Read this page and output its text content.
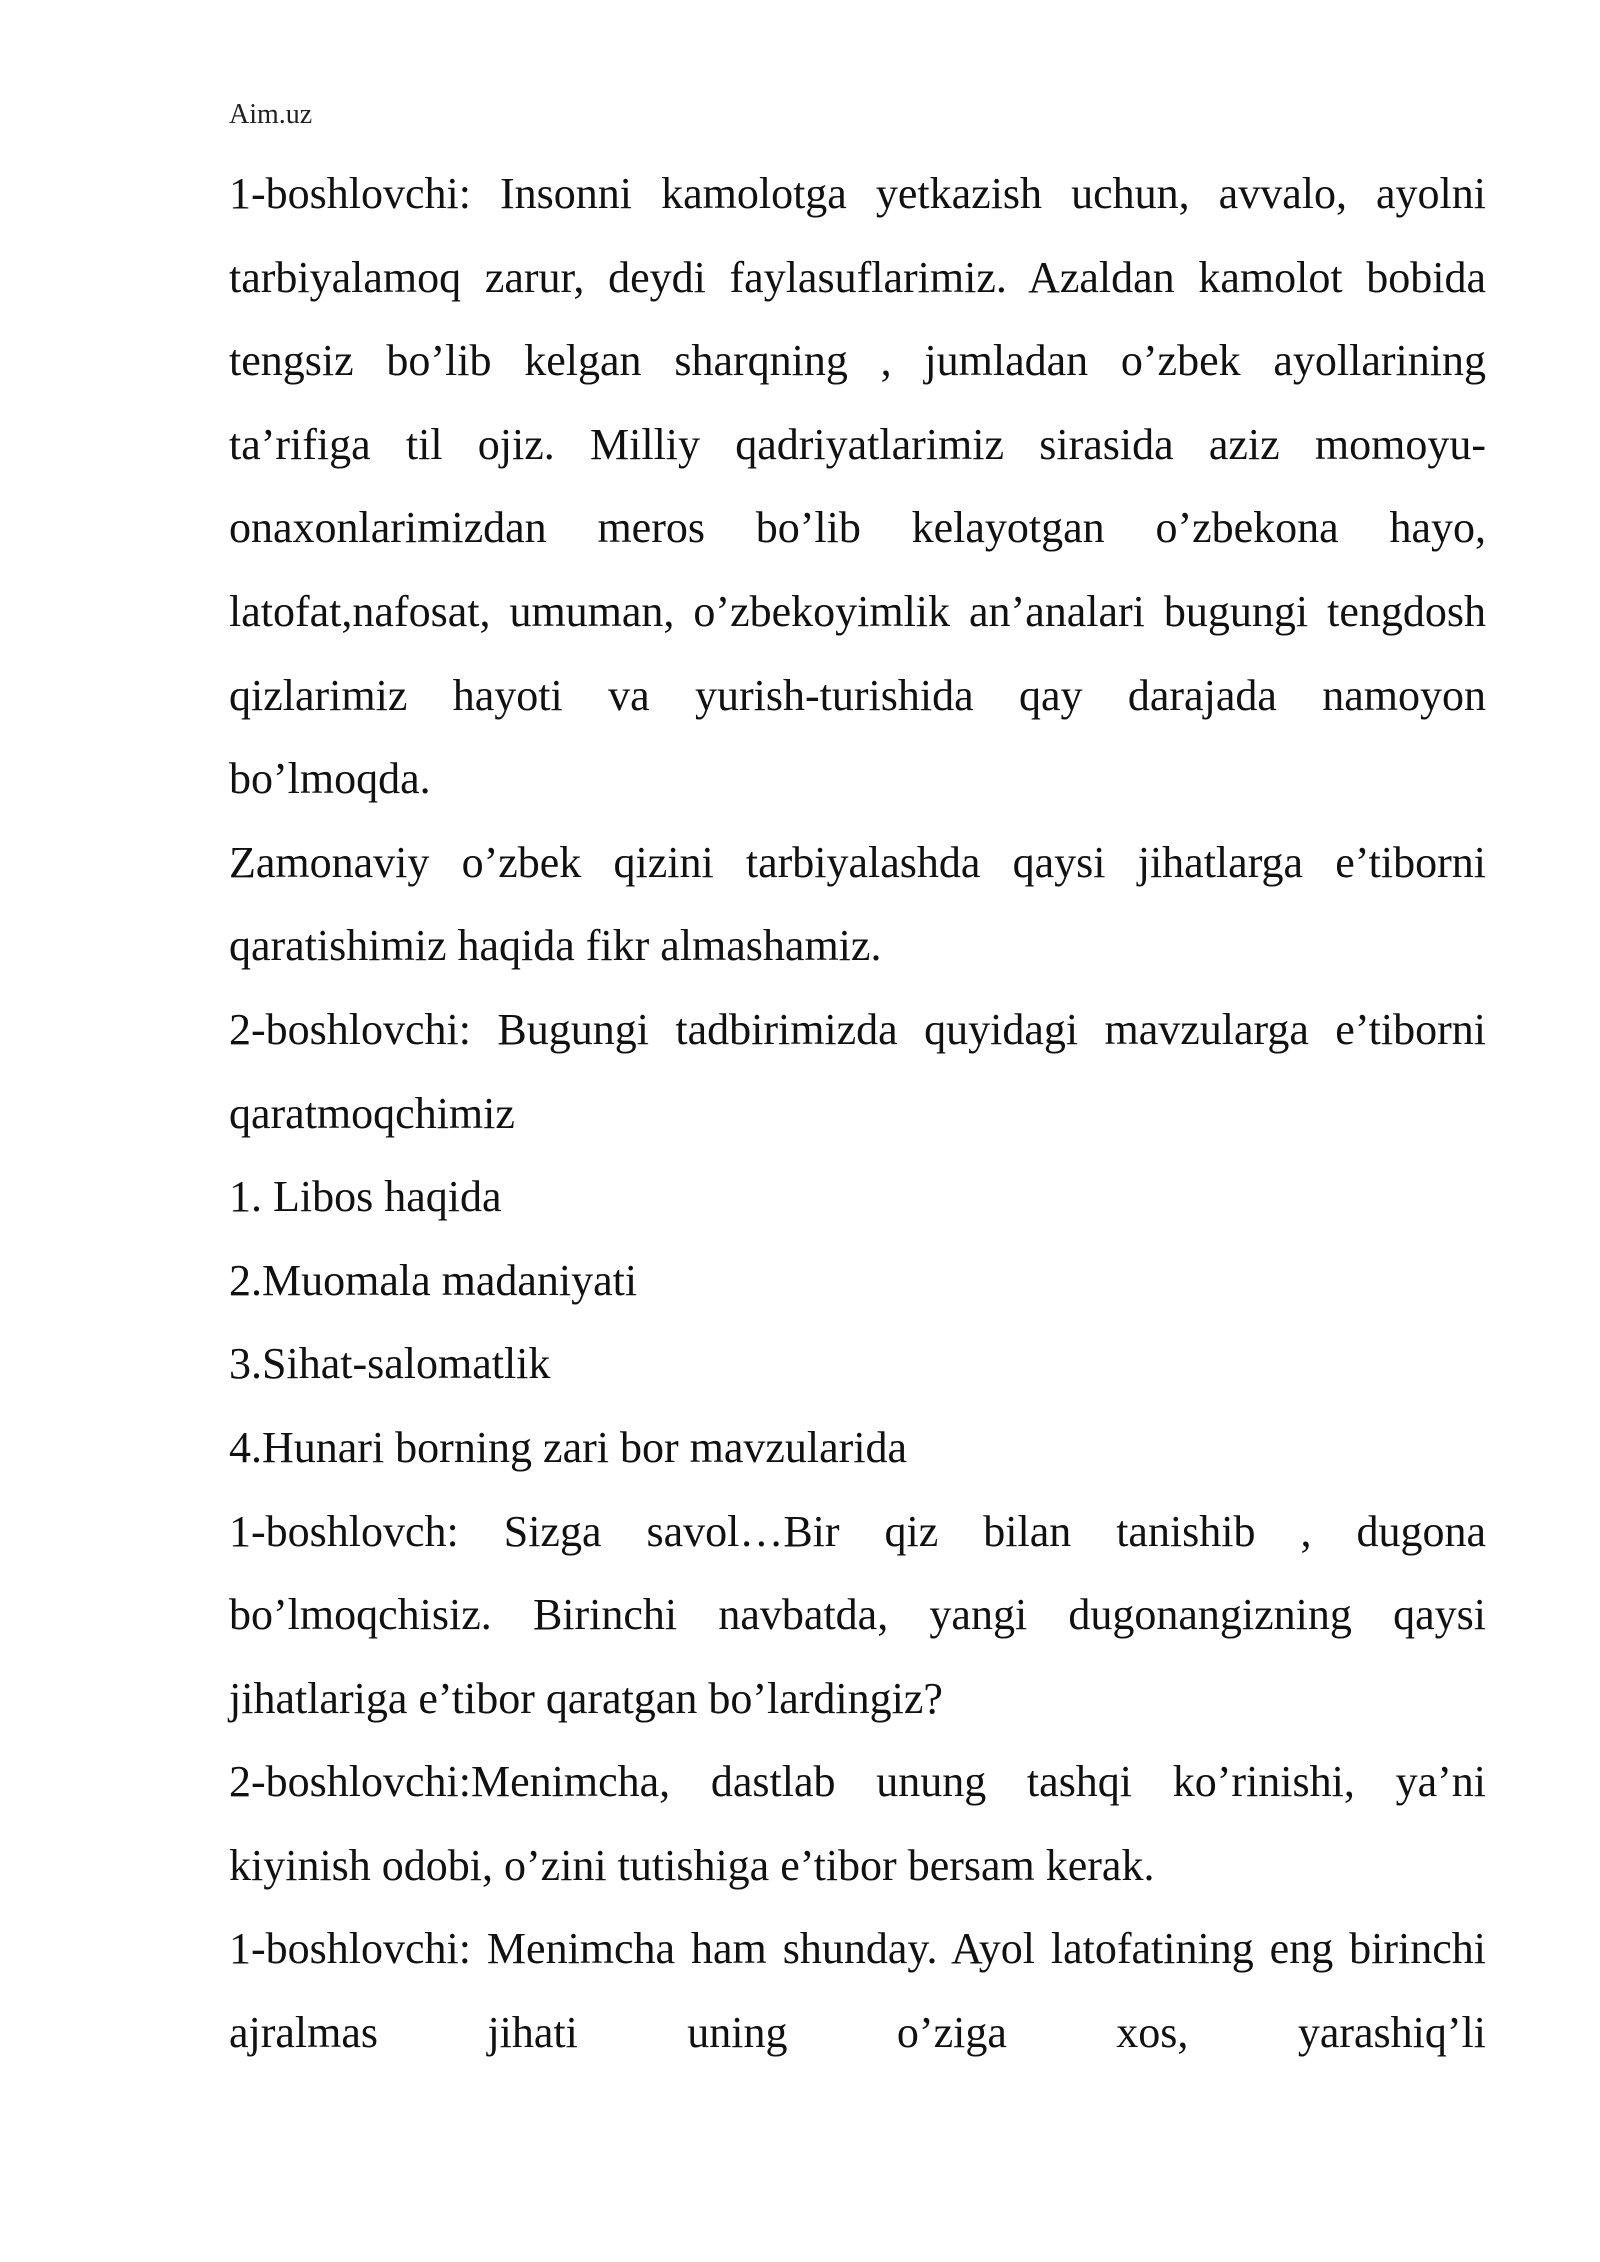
Aim.uz

1-boshlovchi: Insonni kamolotga yetkazish uchun, avvalo, ayolni tarbiyalamoq zarur, deydi faylasuflarimiz. Azaldan kamolot bobida tengsiz bo’lib kelgan sharqning , jumladan o’zbek ayollarining ta’rifiga til ojiz. Milliy qadriyatlarimiz sirasida aziz momoyu- onaxonlarimizdan meros bo’lib kelayotgan o’zbekona hayo, latofat,nafosat, umuman, o’zbekoyimlik an’analari bugungi tengdosh qizlarimiz hayoti va yurish-turishida qay darajada namoyon bo’lmoqda.

Zamonaviy o’zbek qizini tarbiyalashda qaysi jihatlarga e’tiborni qaratishimiz haqida fikr almashamiz.

2-boshlovchi: Bugungi tadbirimizda quyidagi mavzularga e’tiborni qaratmoqchimiz

1. Libos haqida

2.Muomala madaniyati

3.Sihat-salomatlik

4.Hunari borning zari bor mavzularida

1-boshlovch: Sizga savol…Bir qiz bilan tanishib , dugona bo’lmoqchisiz. Birinchi navbatda, yangi dugonangizning qaysi jihatlariga e’tibor qaratgan bo’lardingiz?

2-boshlovchi:Menimcha, dastlab unung tashqi ko’rinishi, ya’ni kiyinish odobi, o’zini tutishiga e’tibor bersam kerak.

1-boshlovchi: Menimcha ham shunday. Ayol latofatining eng birinchi ajralmas jihati uning o’ziga xos, yarashiq’li
